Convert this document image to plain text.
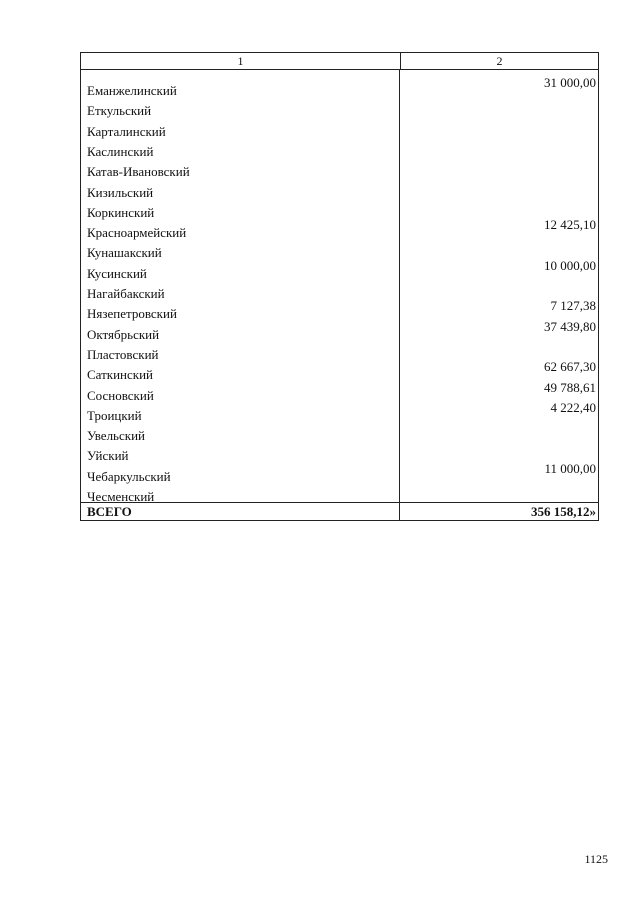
1	2
Еманжелинский
Еткульский
Карталинский
Каслинский
Катав-Ивановский
Кизильский
Коркинский
Красноармейский
Кунашакский
Кусинский
Нагайбакский
Нязепетровский
Октябрьский
Пластовский
Саткинский
Сосновский
Троицкий
Увельский
Уйский
Чебаркульский
Чесменский
31 000,00
12 425,10
10 000,00
7 127,38
37 439,80
62 667,30
49 788,61
4 222,40
11 000,00
ВСЕГО	356 158,12»
1125
